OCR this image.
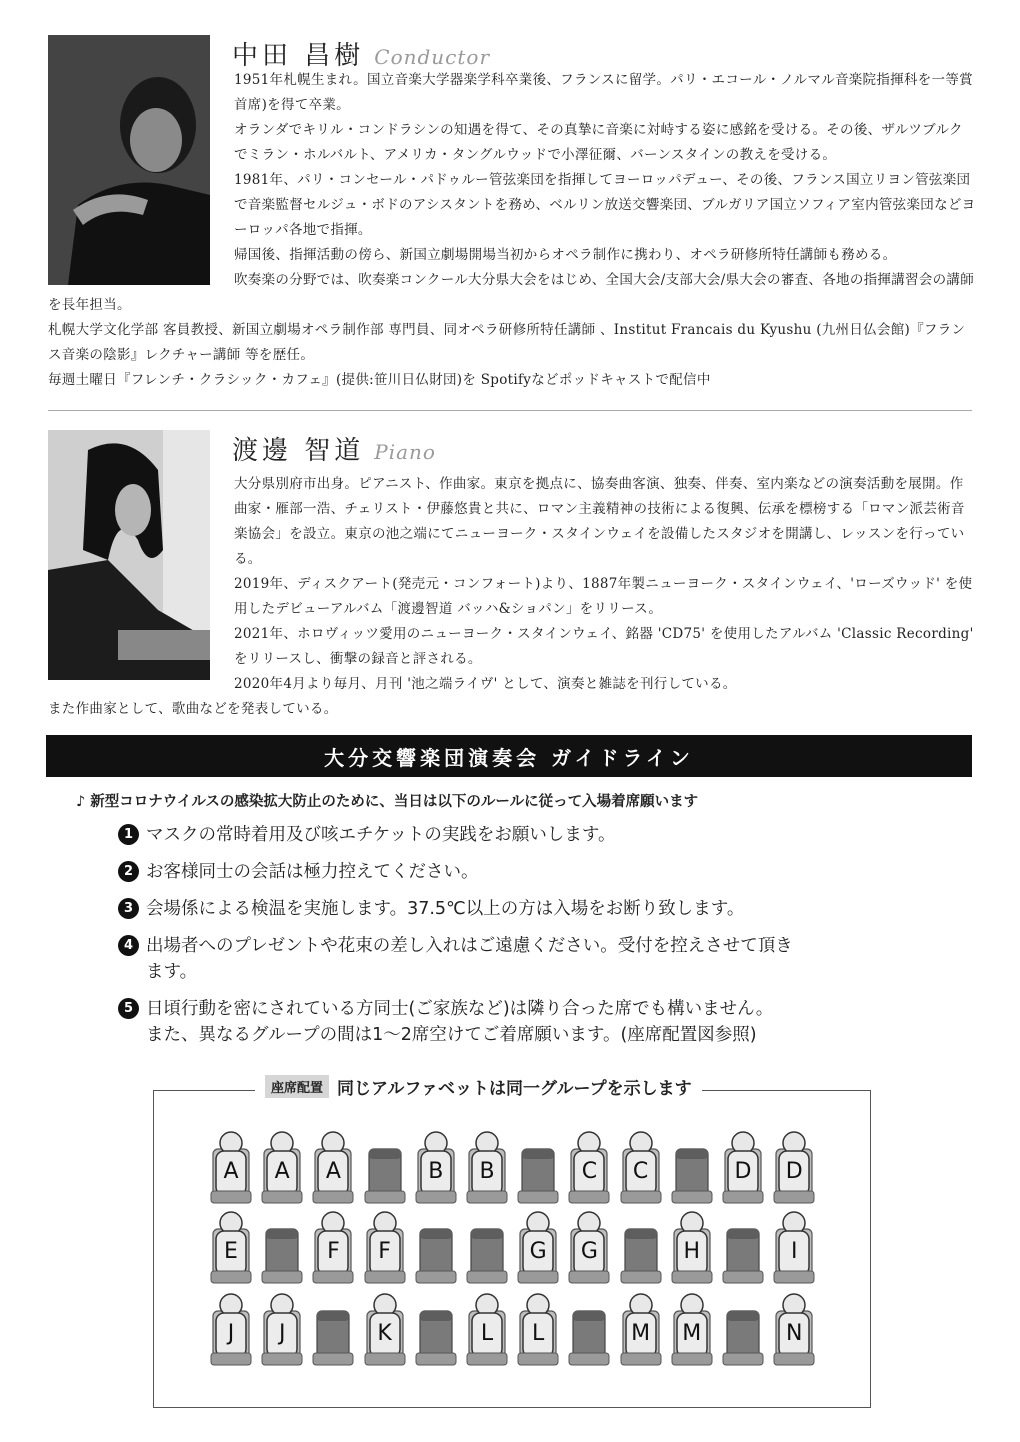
中田 昌樹 Conductor

1951年札幌生まれ。国立音楽大学器楽学科卒業後、フランスに留学。パリ・エコール・ノルマル音楽院指揮科を一等賞首席)を得て卒業。

オランダでキリル・コンドラシンの知遇を得て、その真摯に音楽に対峙する姿に感銘を受ける。その後、ザルツブルクでミラン・ホルバルト、アメリカ・タングルウッドで小澤征爾、バーンスタインの教えを受ける。

1981年、パリ・コンセール・パドゥルー管弦楽団を指揮してヨーロッパデュー、その後、フランス国立リヨン管弦楽団で音楽監督セルジュ・ボドのアシスタントを務め、ベルリン放送交響楽団、ブルガリア国立ソフィア室内管弦楽団などヨーロッパ各地で指揮。

帰国後、指揮活動の傍ら、新国立劇場開場当初からオペラ制作に携わり、オペラ研修所特任講師も務める。

吹奏楽の分野では、吹奏楽コンクール大分県大会をはじめ、全国大会/支部大会/県大会の審査、各地の指揮講習会の講師を長年担当。

札幌大学文化学部 客員教授、新国立劇場オペラ制作部 専門員、同オペラ研修所特任講師 、Institut Francais du Kyushu (九州日仏会館)『フランス音楽の陰影』レクチャー講師 等を歴任。

毎週土曜日『フレンチ・クラシック・カフェ』(提供:笹川日仏財団)を Spotifyなどポッドキャストで配信中

渡邊 智道 Piano

大分県別府市出身。ピアニスト、作曲家。東京を拠点に、協奏曲客演、独奏、伴奏、室内楽などの演奏活動を展開。作曲家・雁部一浩、チェリスト・伊藤悠貴と共に、ロマン主義精神の技術による復興、伝承を標榜する「ロマン派芸術音楽協会」を設立。東京の池之端にてニューヨーク・スタインウェイを設備したスタジオを開講し、レッスンを行っている。

2019年、ディスクアート(発売元・コンフォート)より、1887年製ニューヨーク・スタインウェイ、'ローズウッド' を使用したデビューアルバム「渡邊智道 バッハ&ショパン」をリリース。

2021年、ホロヴィッツ愛用のニューヨーク・スタインウェイ、銘器 'CD75' を使用したアルバム 'Classic Recording' をリリースし、衝撃の録音と評される。

2020年4月より毎月、月刊 '池之端ライヴ' として、演奏と雑誌を刊行している。

また作曲家として、歌曲などを発表している。

大分交響楽団演奏会 ガイドライン
♪ 新型コロナウイルスの感染拡大防止のために、当日は以下のルールに従って入場着席願います
1 マスクの常時着用及び咳エチケットの実践をお願いします。
2 お客様同士の会話は極力控えてください。
3 会場係による検温を実施します。37.5℃以上の方は入場をお断り致します。
4 出場者へのプレゼントや花束の差し入れはご遠慮ください。受付を控えさせて頂き
ます。
5 日頃行動を密にされている方同士(ご家族など)は隣り合った席でも構いません。
また、異なるグループの間は1～2席空けてご着席願います。(座席配置図参照)
A	A	A	B	B	C	C	D	D
E	F	F	G	G	H	I
J	J	K	L	L	M	M	N
座席配置 同じアルファベットは同一グループを示します
